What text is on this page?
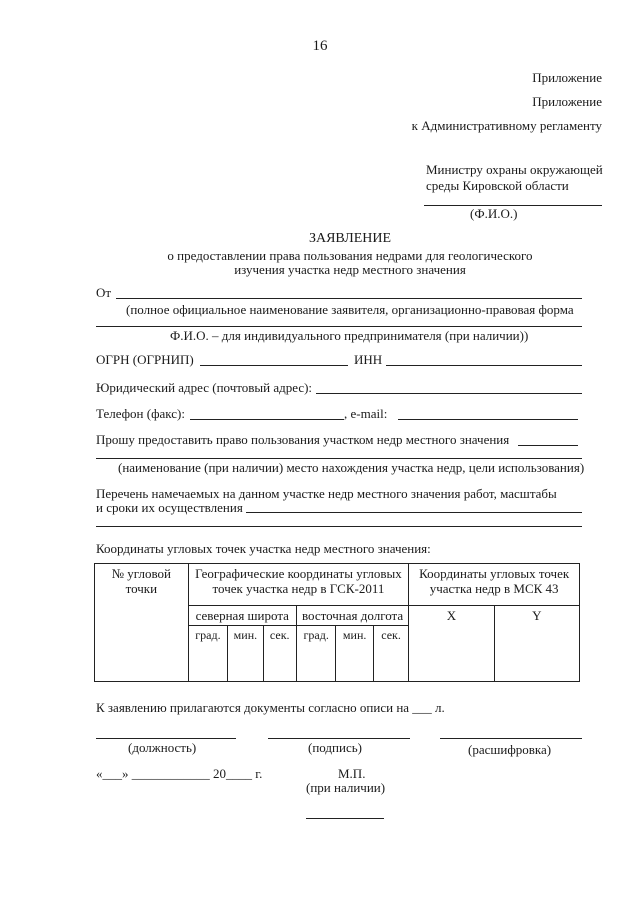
16
Приложение
Приложение
к Административному регламенту
Министру охраны окружающей
среды Кировской области
(Ф.И.О.)
ЗАЯВЛЕНИЕ
о предоставлении права пользования недрами для геологического
изучения участка недр местного значения
От
(полное официальное наименование заявителя, организационно-правовая форма
Ф.И.О. – для индивидуального предпринимателя (при наличии))
ОГРН (ОГРНИП)	ИНН
Юридический адрес (почтовый адрес):
Телефон (факс):	, e-mail:
Прошу предоставить право пользования участком недр местного значения
(наименование (при наличии) место нахождения участка недр, цели использования)
Перечень намечаемых на данном участке недр местного значения работ, масштабы
и сроки их осуществления
Координаты угловых точек участка недр местного значения:
№ угловой точки	Географические координаты угловых точек участка недр в ГСК-2011						Координаты угловых точек участка недр в МСК 43	
	северная широта			восточная долгота			X	Y
	град.	мин.	сек.	град.	мин.	сек.		
К заявлению прилагаются документы согласно описи на ___ л.
(должность)	(подпись)	(расшифровка)
«___» ____________ 20____ г.	М.П.
(при наличии)
